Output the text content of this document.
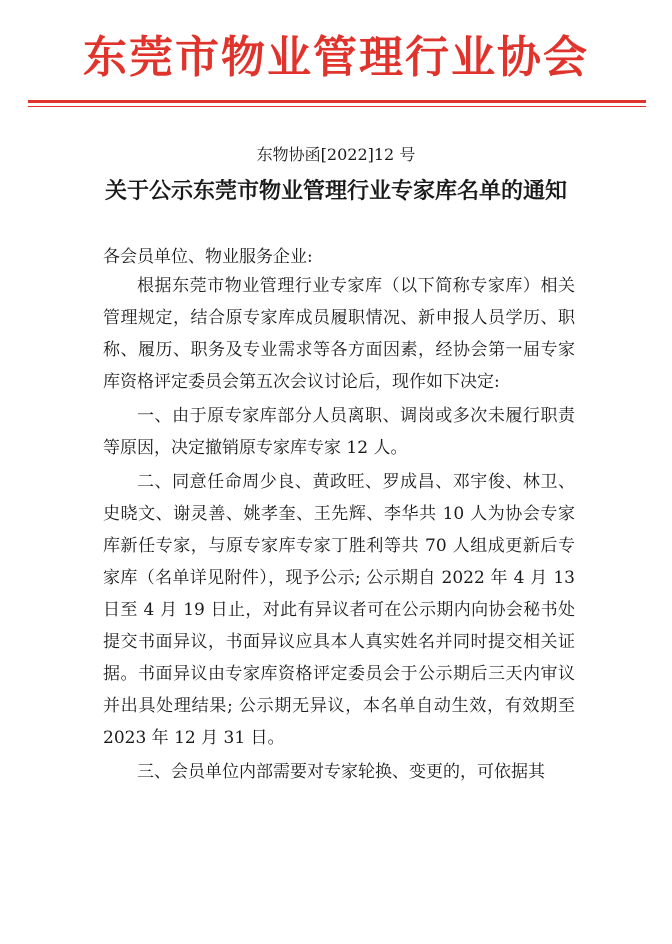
东莞市物业管理行业协会
东物协函[2022]12 号
关于公示东莞市物业管理行业专家库名单的通知
各会员单位、物业服务企业:

根据东莞市物业管理行业专家库（以下简称专家库）相关管理规定，结合原专家库成员履职情况、新申报人员学历、职称、履历、职务及专业需求等各方面因素，经协会第一届专家库资格评定委员会第五次会议讨论后，现作如下决定:

一、由于原专家库部分人员离职、调岗或多次未履行职责等原因，决定撤销原专家库专家 12 人。

二、同意任命周少良、黄政旺、罗成昌、邓宇俊、林卫、史晓文、谢灵善、姚孝奎、王先辉、李华共 10 人为协会专家库新任专家，与原专家库专家丁胜利等共 70 人组成更新后专家库（名单详见附件），现予公示; 公示期自 2022 年 4 月 13 日至 4 月 19 日止，对此有异议者可在公示期内向协会秘书处提交书面异议，书面异议应具本人真实姓名并同时提交相关证据。书面异议由专家库资格评定委员会于公示期后三天内审议并出具处理结果; 公示期无异议，本名单自动生效，有效期至 2023 年 12 月 31 日。

三、会员单位内部需要对专家轮换、变更的，可依据其
